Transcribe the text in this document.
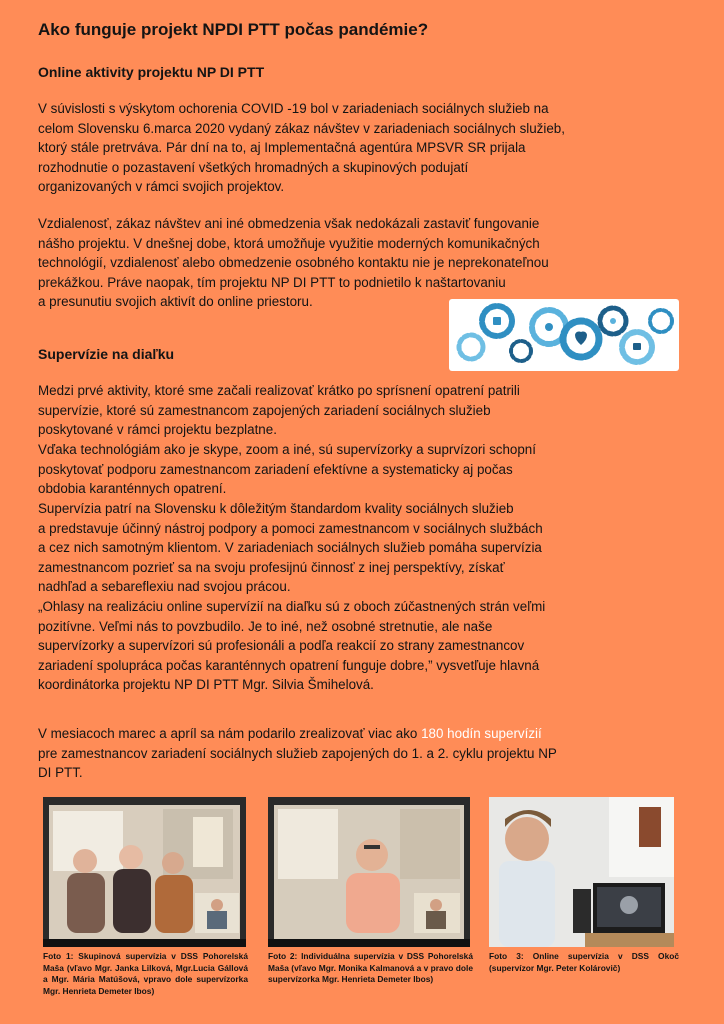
Ako funguje projekt NPDI PTT počas pandémie?
Online aktivity projektu NP DI PTT

V súvislosti s výskytom ochorenia COVID -19 bol v zariadeniach sociálnych služieb na
celom Slovensku 6.marca 2020 vydaný zákaz návštev v zariadeniach sociálnych služieb,
ktorý stále pretrváva. Pár dní na to, aj Implementačná agentúra MPSVR SR prijala
rozhodnutie o pozastavení všetkých hromadných a skupinových podujatí
organizovaných v rámci svojich projektov.

Vzdialenosť, zákaz návštev ani iné obmedzenia však nedokázali zastaviť fungovanie
nášho projektu. V dnešnej dobe, ktorá umožňuje využitie moderných komunikačných
technológií, vzdialenosť alebo obmedzenie osobného kontaktu nie je neprekonateľnou
prekážkou. Práve naopak, tím projektu NP DI PTT to podnietilo k naštartovaniu
a presunutiu svojich aktivít do online priestoru.

Supervízie na diaľku

Medzi prvé aktivity, ktoré sme začali realizovať krátko po sprísnení opatrení patrili
supervízie, ktoré sú zamestnancom zapojených zariadení sociálnych služieb
poskytované v rámci projektu bezplatne.

Vďaka technológiám ako je skype, zoom a iné, sú supervízorky a suprvízori schopní
poskytovať podporu zamestnancom zariadení efektívne a systematicky aj počas
obdobia karanténnych opatrení.

Supervízia patrí na Slovensku k dôležitým štandardom kvality sociálnych služieb
a predstavuje účinný nástroj podpory a pomoci zamestnancom v sociálnych službách
a cez nich samotným klientom. V zariadeniach sociálnych služieb pomáha supervízia
zamestnancom pozrieť sa na svoju profesijnú činnosť z inej perspektívy, získať
nadhľad a sebareflexiu nad svojou prácou.

„Ohlasy na realizáciu online supervízií na diaľku sú z oboch zúčastnených strán veľmi
pozitívne. Veľmi nás to povzbudilo. Je to iné, než osobné stretnutie, ale naše
supervízorky a supervízori sú profesionáli a podľa reakcií zo strany zamestnancov
zariadení spolupráca počas karanténnych opatrení funguje dobre,” vysvetľuje hlavná
koordinátorka projektu NP DI PTT Mgr. Silvia Šmihelová.

V mesiacoch marec a apríl sa nám podarilo zrealizovať viac ako 180 hodín supervízií
pre zamestnancov zariadení sociálnych služieb zapojených do 1. a 2. cyklu projektu NP
DI PTT.

Foto 1: Skupinová supervízia v DSS Pohorelská Maša (vľavo Mgr. Janka Lilková, Mgr.Lucia Gállová a Mgr. Mária Matúšová, vpravo dole supervízorka Mgr. Henrieta Demeter Ibos)

Foto 2: Individuálna supervízia v DSS Pohorelská Maša (vľavo Mgr. Monika Kalmanová a v pravo dole supervízorka Mgr. Henrieta Demeter Ibos)

Foto 3: Online supervízia v DSS Okoč (supervízor Mgr. Peter Kolárovič)
